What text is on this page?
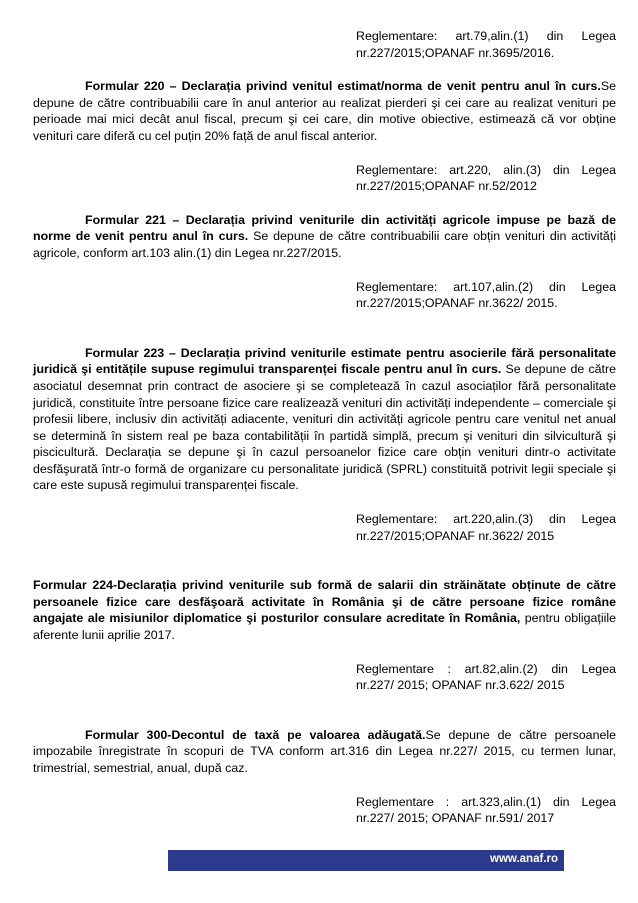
Reglementare: art.79,alin.(1) din Legea nr.227/2015;OPANAF nr.3695/2016.

Formular 220 – Declarația privind venitul estimat/norma de venit pentru anul în curs.Se depune de către contribuabilii care în anul anterior au realizat pierderi şi cei care au realizat venituri pe perioade mai mici decât anul fiscal, precum şi cei care, din motive obiective, estimează că vor obține venituri care diferă cu cel puțin 20% față de anul fiscal anterior.

Reglementare: art.220, alin.(3) din Legea nr.227/2015;OPANAF nr.52/2012

Formular 221 – Declarația privind veniturile din activități agricole impuse pe bază de norme de venit pentru anul în curs. Se depune de către contribuabilii care obțin venituri din activități agricole, conform art.103 alin.(1) din Legea nr.227/2015.

Reglementare: art.107,alin.(2) din Legea nr.227/2015;OPANAF nr.3622/ 2015.

Formular 223 – Declarația privind veniturile estimate pentru asocierile fără personalitate juridică şi entitățile supuse regimului transparenței fiscale pentru anul în curs. Se depune de către asociatul desemnat prin contract de asociere şi se completează în cazul asociaților fără personalitate juridică, constituite între persoane fizice care realizează venituri din activități independente – comerciale şi profesii libere, inclusiv din activități adiacente, venituri din activități agricole pentru care venitul net anual se determină în sistem real pe baza contabilității în partidă simplă, precum şi venituri din silvicultură şi piscicultură. Declarația se depune şi în cazul persoanelor fizice care obțin venituri dintr-o activitate desfăşurată într-o formă de organizare cu personalitate juridică (SPRL) constituită potrivit legii speciale şi care este supusă regimului transparenței fiscale.

Reglementare: art.220,alin.(3) din Legea nr.227/2015;OPANAF nr.3622/ 2015

Formular 224-Declarația privind veniturile sub formă de salarii din străinătate obținute de către persoanele fizice care desfăşoară activitate în România şi de către persoane fizice române angajate ale misiunilor diplomatice şi posturilor consulare acreditate în România, pentru obligațiile aferente lunii aprilie 2017.

Reglementare : art.82,alin.(2) din Legea nr.227/ 2015; OPANAF nr.3.622/ 2015

Formular 300-Decontul de taxă pe valoarea adăugată.Se depune de către persoanele impozabile înregistrate în scopuri de TVA conform art.316 din Legea nr.227/ 2015, cu termen lunar, trimestrial, semestrial, anual, după caz.

Reglementare : art.323,alin.(1) din Legea nr.227/ 2015; OPANAF nr.591/ 2017

www.anaf.ro
